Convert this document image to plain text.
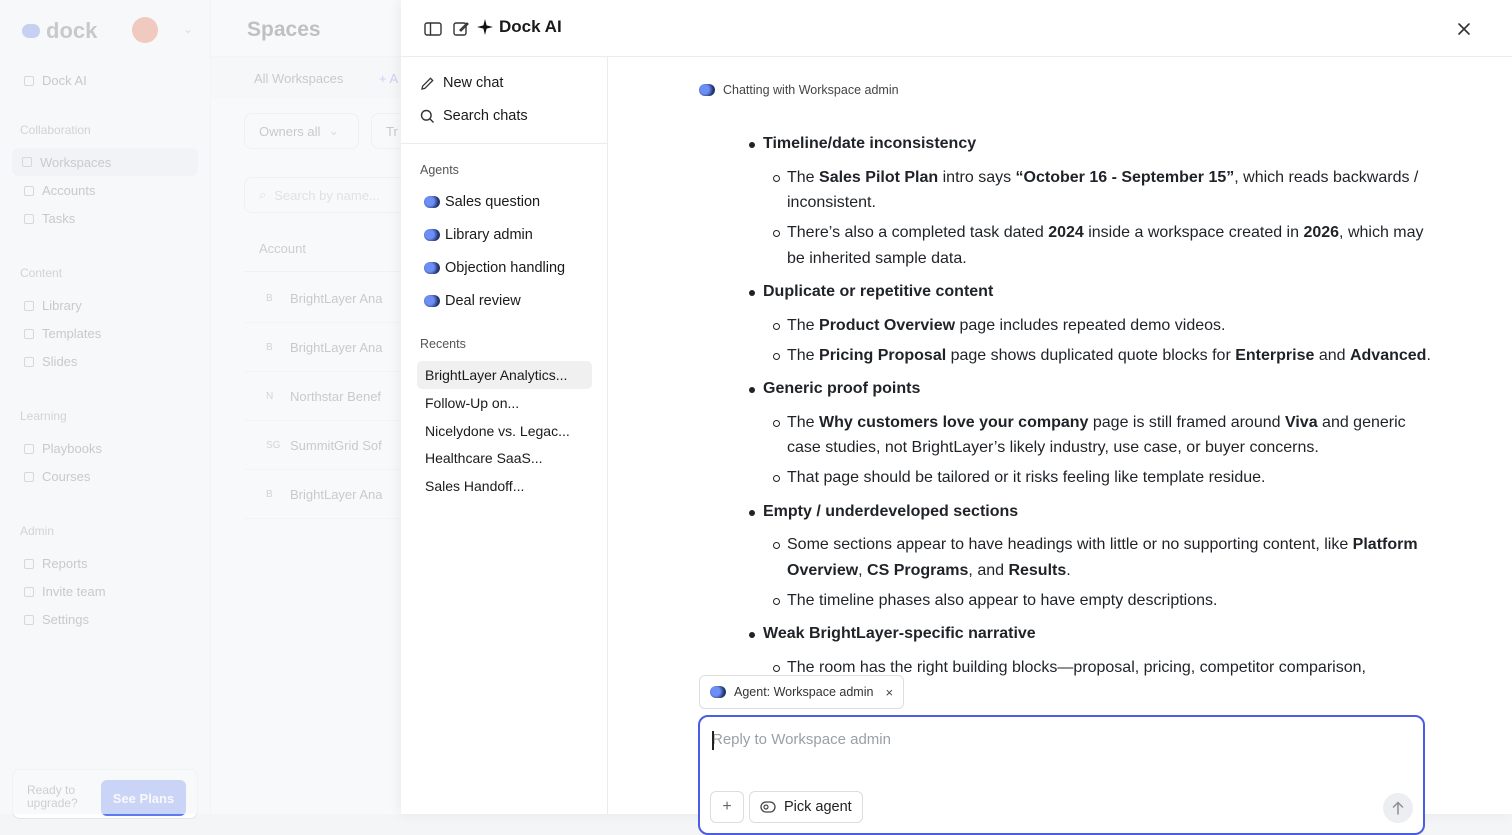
Dock AI
New chat
Search chats
Agents
Sales question
Library admin
Objection handling
Deal review
Recents
BrightLayer Analytics...
Follow-Up on...
Nicelydone vs. Legac...
Healthcare SaaS...
Sales Handoff...
Chatting with Workspace admin
Timeline/date inconsistency
The Sales Pilot Plan intro says “October 16 - September 15”, which reads backwards / inconsistent.
There’s also a completed task dated 2024 inside a workspace created in 2026, which may be inherited sample data.
Duplicate or repetitive content
The Product Overview page includes repeated demo videos.
The Pricing Proposal page shows duplicated quote blocks for Enterprise and Advanced.
Generic proof points
The Why customers love your company page is still framed around Viva and generic case studies, not BrightLayer’s likely industry, use case, or buyer concerns.
That page should be tailored or it risks feeling like template residue.
Empty / underdeveloped sections
Some sections appear to have headings with little or no supporting content, like Platform Overview, CS Programs, and Results.
The timeline phases also appear to have empty descriptions.
Weak BrightLayer-specific narrative
The room has the right building blocks—proposal, pricing, competitor comparison,
Agent: Workspace admin ×
Reply to Workspace admin
+	Pick agent
